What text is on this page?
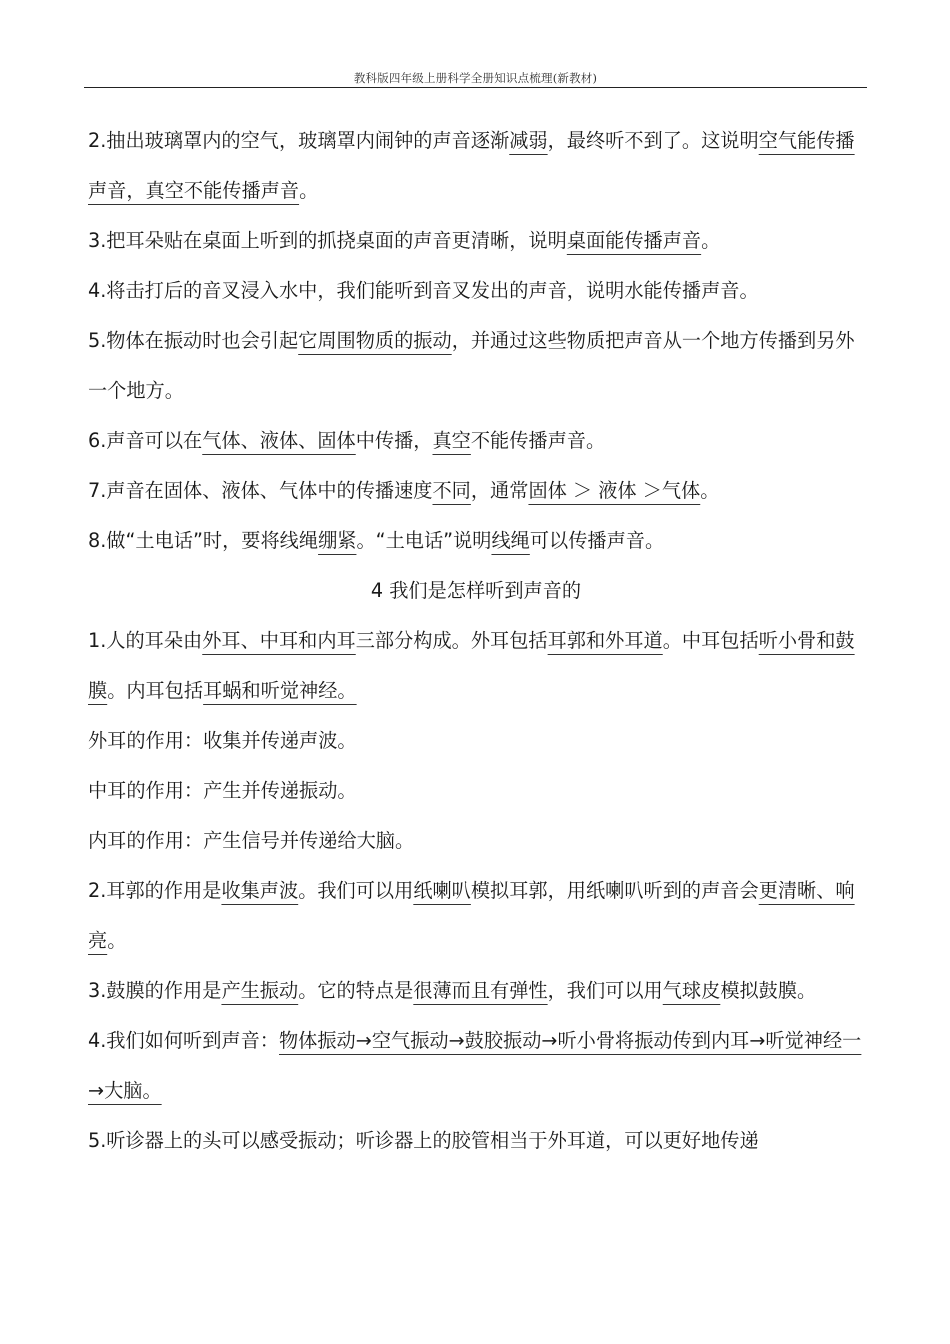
教科版四年级上册科学全册知识点梳理(新教材)

2.抽出玻璃罩内的空气，玻璃罩内闹钟的声音逐渐减弱，最终听不到了。这说明空气能传播声音，真空不能传播声音。

3.把耳朵贴在桌面上听到的抓挠桌面的声音更清晰，说明桌面能传播声音。

4.将击打后的音叉浸入水中，我们能听到音叉发出的声音，说明水能传播声音。

5.物体在振动时也会引起它周围物质的振动，并通过这些物质把声音从一个地方传播到另外一个地方。

6.声音可以在气体、液体、固体中传播，真空不能传播声音。

7.声音在固体、液体、气体中的传播速度不同，通常固体 ＞ 液体 ＞气体。

8.做“土电话”时，要将线绳绷紧。“土电话”说明线绳可以传播声音。

4 我们是怎样听到声音的

1.人的耳朵由外耳、中耳和内耳三部分构成。外耳包括耳郭和外耳道。中耳包括听小骨和鼓膜。内耳包括耳蜗和听觉神经。

外耳的作用：收集并传递声波。

中耳的作用：产生并传递振动。

内耳的作用：产生信号并传递给大脑。

2.耳郭的作用是收集声波。我们可以用纸喇叭模拟耳郭，用纸喇叭听到的声音会更清晰、响亮。

3.鼓膜的作用是产生振动。它的特点是很薄而且有弹性，我们可以用气球皮模拟鼓膜。

4.我们如何听到声音：物体振动→空气振动→鼓胶振动→听小骨将振动传到内耳→听觉神经一→大脑。

5.听诊器上的头可以感受振动；听诊器上的胶管相当于外耳道，可以更好地传递
